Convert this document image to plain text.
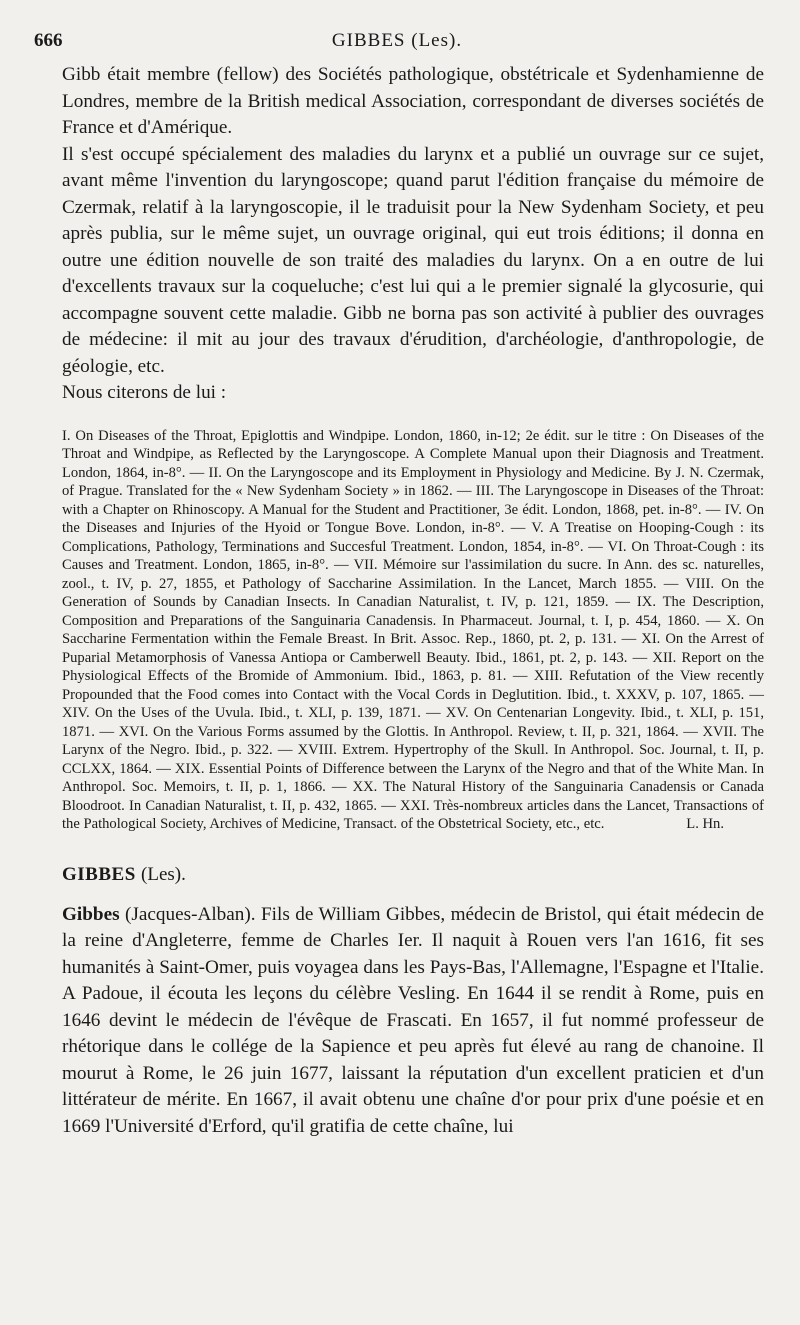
666	GIBBES (Les).

Gibb était membre (fellow) des Sociétés pathologique, obstétricale et Sydenhamienne de Londres, membre de la British medical Association, correspondant de diverses sociétés de France et d'Amérique.

Il s'est occupé spécialement des maladies du larynx et a publié un ouvrage sur ce sujet, avant même l'invention du laryngoscope; quand parut l'édition française du mémoire de Czermak, relatif à la laryngoscopie, il le traduisit pour la New Sydenham Society, et peu après publia, sur le même sujet, un ouvrage original, qui eut trois éditions; il donna en outre une édition nouvelle de son traité des maladies du larynx. On a en outre de lui d'excellents travaux sur la coqueluche; c'est lui qui a le premier signalé la glycosurie, qui accompagne souvent cette maladie. Gibb ne borna pas son activité à publier des ouvrages de médecine: il mit au jour des travaux d'érudition, d'archéologie, d'anthropologie, de géologie, etc.

Nous citerons de lui :

I. On Diseases of the Throat, Epiglottis and Windpipe. London, 1860, in-12; 2e édit. sur le titre : On Diseases of the Throat and Windpipe, as Reflected by the Laryngoscope. A Complete Manual upon their Diagnosis and Treatment. London, 1864, in-8°. — II. On the Laryngoscope and its Employment in Physiology and Medicine. By J. N. Czermak, of Prague. Translated for the « New Sydenham Society » in 1862. — III. The Laryngoscope in Diseases of the Throat: with a Chapter on Rhinoscopy. A Manual for the Student and Practitioner, 3e édit. London, 1868, pet. in-8°. — IV. On the Diseases and Injuries of the Hyoid or Tongue Bove. London, in-8°. — V. A Treatise on Hooping-Cough : its Complications, Pathology, Terminations and Succesful Treatment. London, 1854, in-8°. — VI. On Throat-Cough : its Causes and Treatment. London, 1865, in-8°. — VII. Mémoire sur l'assimilation du sucre. In Ann. des sc. naturelles, zool., t. IV, p. 27, 1855, et Pathology of Saccharine Assimilation. In the Lancet, March 1855. — VIII. On the Generation of Sounds by Canadian Insects. In Canadian Naturalist, t. IV, p. 121, 1859. — IX. The Description, Composition and Preparations of the Sanguinaria Canadensis. In Pharmaceut. Journal, t. I, p. 454, 1860. — X. On Saccharine Fermentation within the Female Breast. In Brit. Assoc. Rep., 1860, pt. 2, p. 131. — XI. On the Arrest of Puparial Metamorphosis of Vanessa Antiopa or Camberwell Beauty. Ibid., 1861, pt. 2, p. 143. — XII. Report on the Physiological Effects of the Bromide of Ammonium. Ibid., 1863, p. 81. — XIII. Refutation of the View recently Propounded that the Food comes into Contact with the Vocal Cords in Deglutition. Ibid., t. XXXV, p. 107, 1865. — XIV. On the Uses of the Uvula. Ibid., t. XLI, p. 139, 1871. — XV. On Centenarian Longevity. Ibid., t. XLI, p. 151, 1871. — XVI. On the Various Forms assumed by the Glottis. In Anthropol. Review, t. II, p. 321, 1864. — XVII. The Larynx of the Negro. Ibid., p. 322. — XVIII. Extrem. Hypertrophy of the Skull. In Anthropol. Soc. Journal, t. II, p. CCLXX, 1864. — XIX. Essential Points of Difference between the Larynx of the Negro and that of the White Man. In Anthropol. Soc. Memoirs, t. II, p. 1, 1866. — XX. The Natural History of the Sanguinaria Canadensis or Canada Bloodroot. In Canadian Naturalist, t. II, p. 432, 1865. — XXI. Très-nombreux articles dans the Lancet, Transactions of the Pathological Society, Archives of Medicine, Transact. of the Obstetrical Society, etc., etc.	L. Hn.

GIBBES (Les).

Gibbes (Jacques-Alban). Fils de William Gibbes, médecin de Bristol, qui était médecin de la reine d'Angleterre, femme de Charles Ier. Il naquit à Rouen vers l'an 1616, fit ses humanités à Saint-Omer, puis voyagea dans les Pays-Bas, l'Allemagne, l'Espagne et l'Italie. A Padoue, il écouta les leçons du célèbre Vesling. En 1644 il se rendit à Rome, puis en 1646 devint le médecin de l'évêque de Frascati. En 1657, il fut nommé professeur de rhétorique dans le collége de la Sapience et peu après fut élevé au rang de chanoine. Il mourut à Rome, le 26 juin 1677, laissant la réputation d'un excellent praticien et d'un littérateur de mérite. En 1667, il avait obtenu une chaîne d'or pour prix d'une poésie et en 1669 l'Université d'Erford, qu'il gratifia de cette chaîne, lui
